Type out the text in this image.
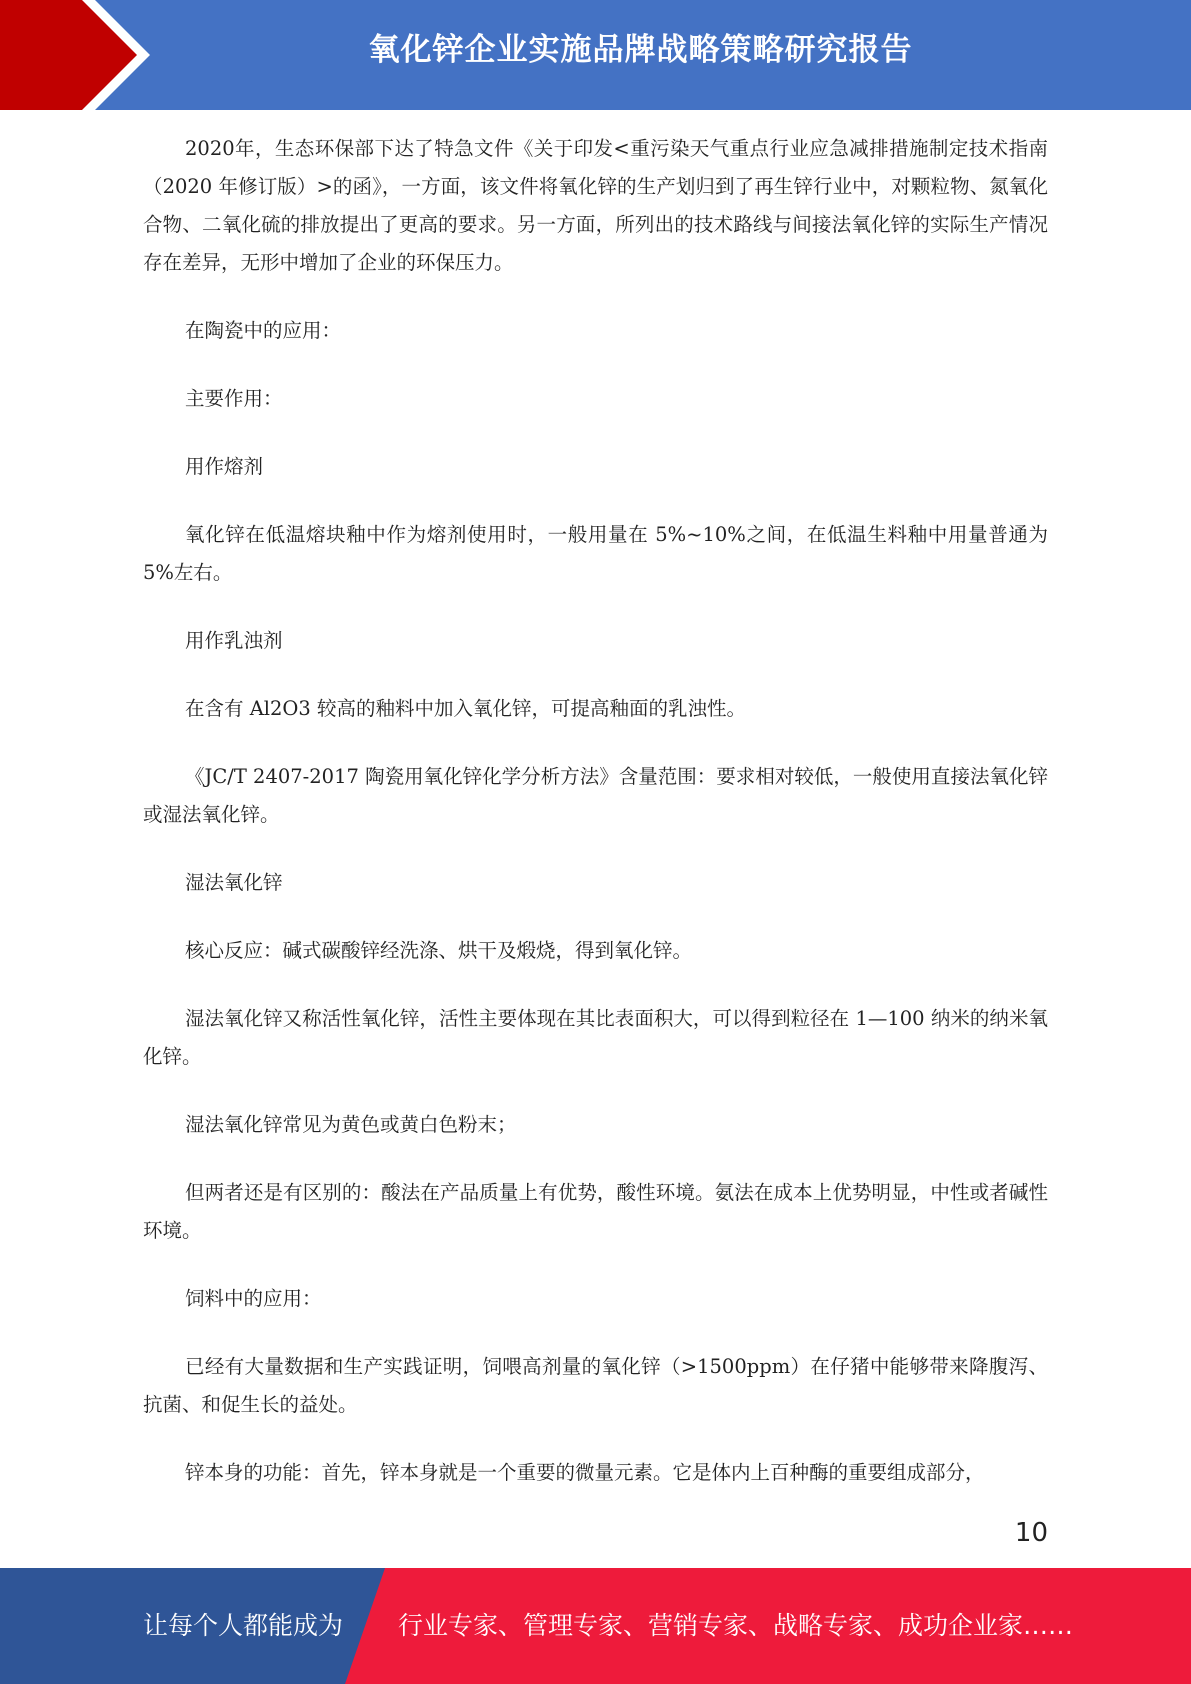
氧化锌企业实施品牌战略策略研究报告

2020年，生态环保部下达了特急文件《关于印发<重污染天气重点行业应急减排措施制定技术指南（2020 年修订版）>的函》，一方面，该文件将氧化锌的生产划归到了再生锌行业中，对颗粒物、氮氧化合物、二氧化硫的排放提出了更高的要求。另一方面，所列出的技术路线与间接法氧化锌的实际生产情况存在差异，无形中增加了企业的环保压力。

在陶瓷中的应用：

主要作用：

用作熔剂

氧化锌在低温熔块釉中作为熔剂使用时，一般用量在 5%~10%之间，在低温生料釉中用量普通为 5%左右。

用作乳浊剂

在含有 Al2O3 较高的釉料中加入氧化锌，可提高釉面的乳浊性。

《JC/T 2407-2017 陶瓷用氧化锌化学分析方法》含量范围：要求相对较低，一般使用直接法氧化锌或湿法氧化锌。

湿法氧化锌

核心反应：碱式碳酸锌经洗涤、烘干及煅烧，得到氧化锌。

湿法氧化锌又称活性氧化锌，活性主要体现在其比表面积大，可以得到粒径在 1—100 纳米的纳米氧化锌。

湿法氧化锌常见为黄色或黄白色粉末；

但两者还是有区别的：酸法在产品质量上有优势，酸性环境。氨法在成本上优势明显，中性或者碱性环境。

饲料中的应用：

已经有大量数据和生产实践证明，饲喂高剂量的氧化锌（>1500ppm）在仔猪中能够带来降腹泻、抗菌、和促生长的益处。

锌本身的功能：首先，锌本身就是一个重要的微量元素。它是体内上百种酶的重要组成部分，

10
让每个人都能成为 行业专家、管理专家、营销专家、战略专家、成功企业家……
